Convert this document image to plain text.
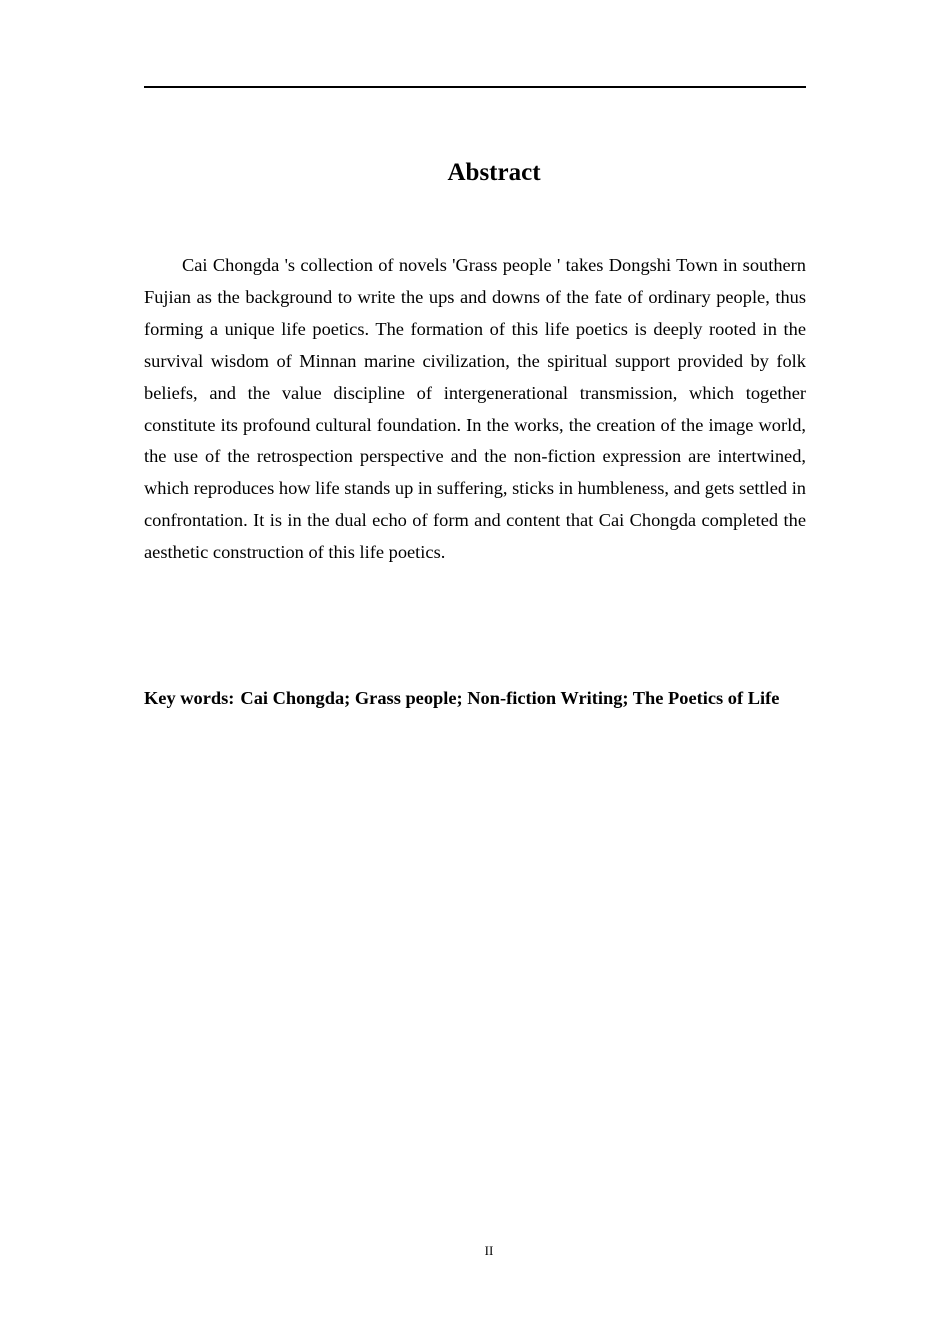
Abstract

Cai Chongda 's collection of novels 'Grass people ' takes Dongshi Town in southern Fujian as the background to write the ups and downs of the fate of ordinary people, thus forming a unique life poetics. The formation of this life poetics is deeply rooted in the survival wisdom of Minnan marine civilization, the spiritual support provided by folk beliefs, and the value discipline of intergenerational transmission, which together constitute its profound cultural foundation. In the works, the creation of the image world, the use of the retrospection perspective and the non-fiction expression are intertwined, which reproduces how life stands up in suffering, sticks in humbleness, and gets settled in confrontation. It is in the dual echo of form and content that Cai Chongda completed the aesthetic construction of this life poetics.

Key words: Cai Chongda; Grass people; Non-fiction Writing; The Poetics of Life

II
